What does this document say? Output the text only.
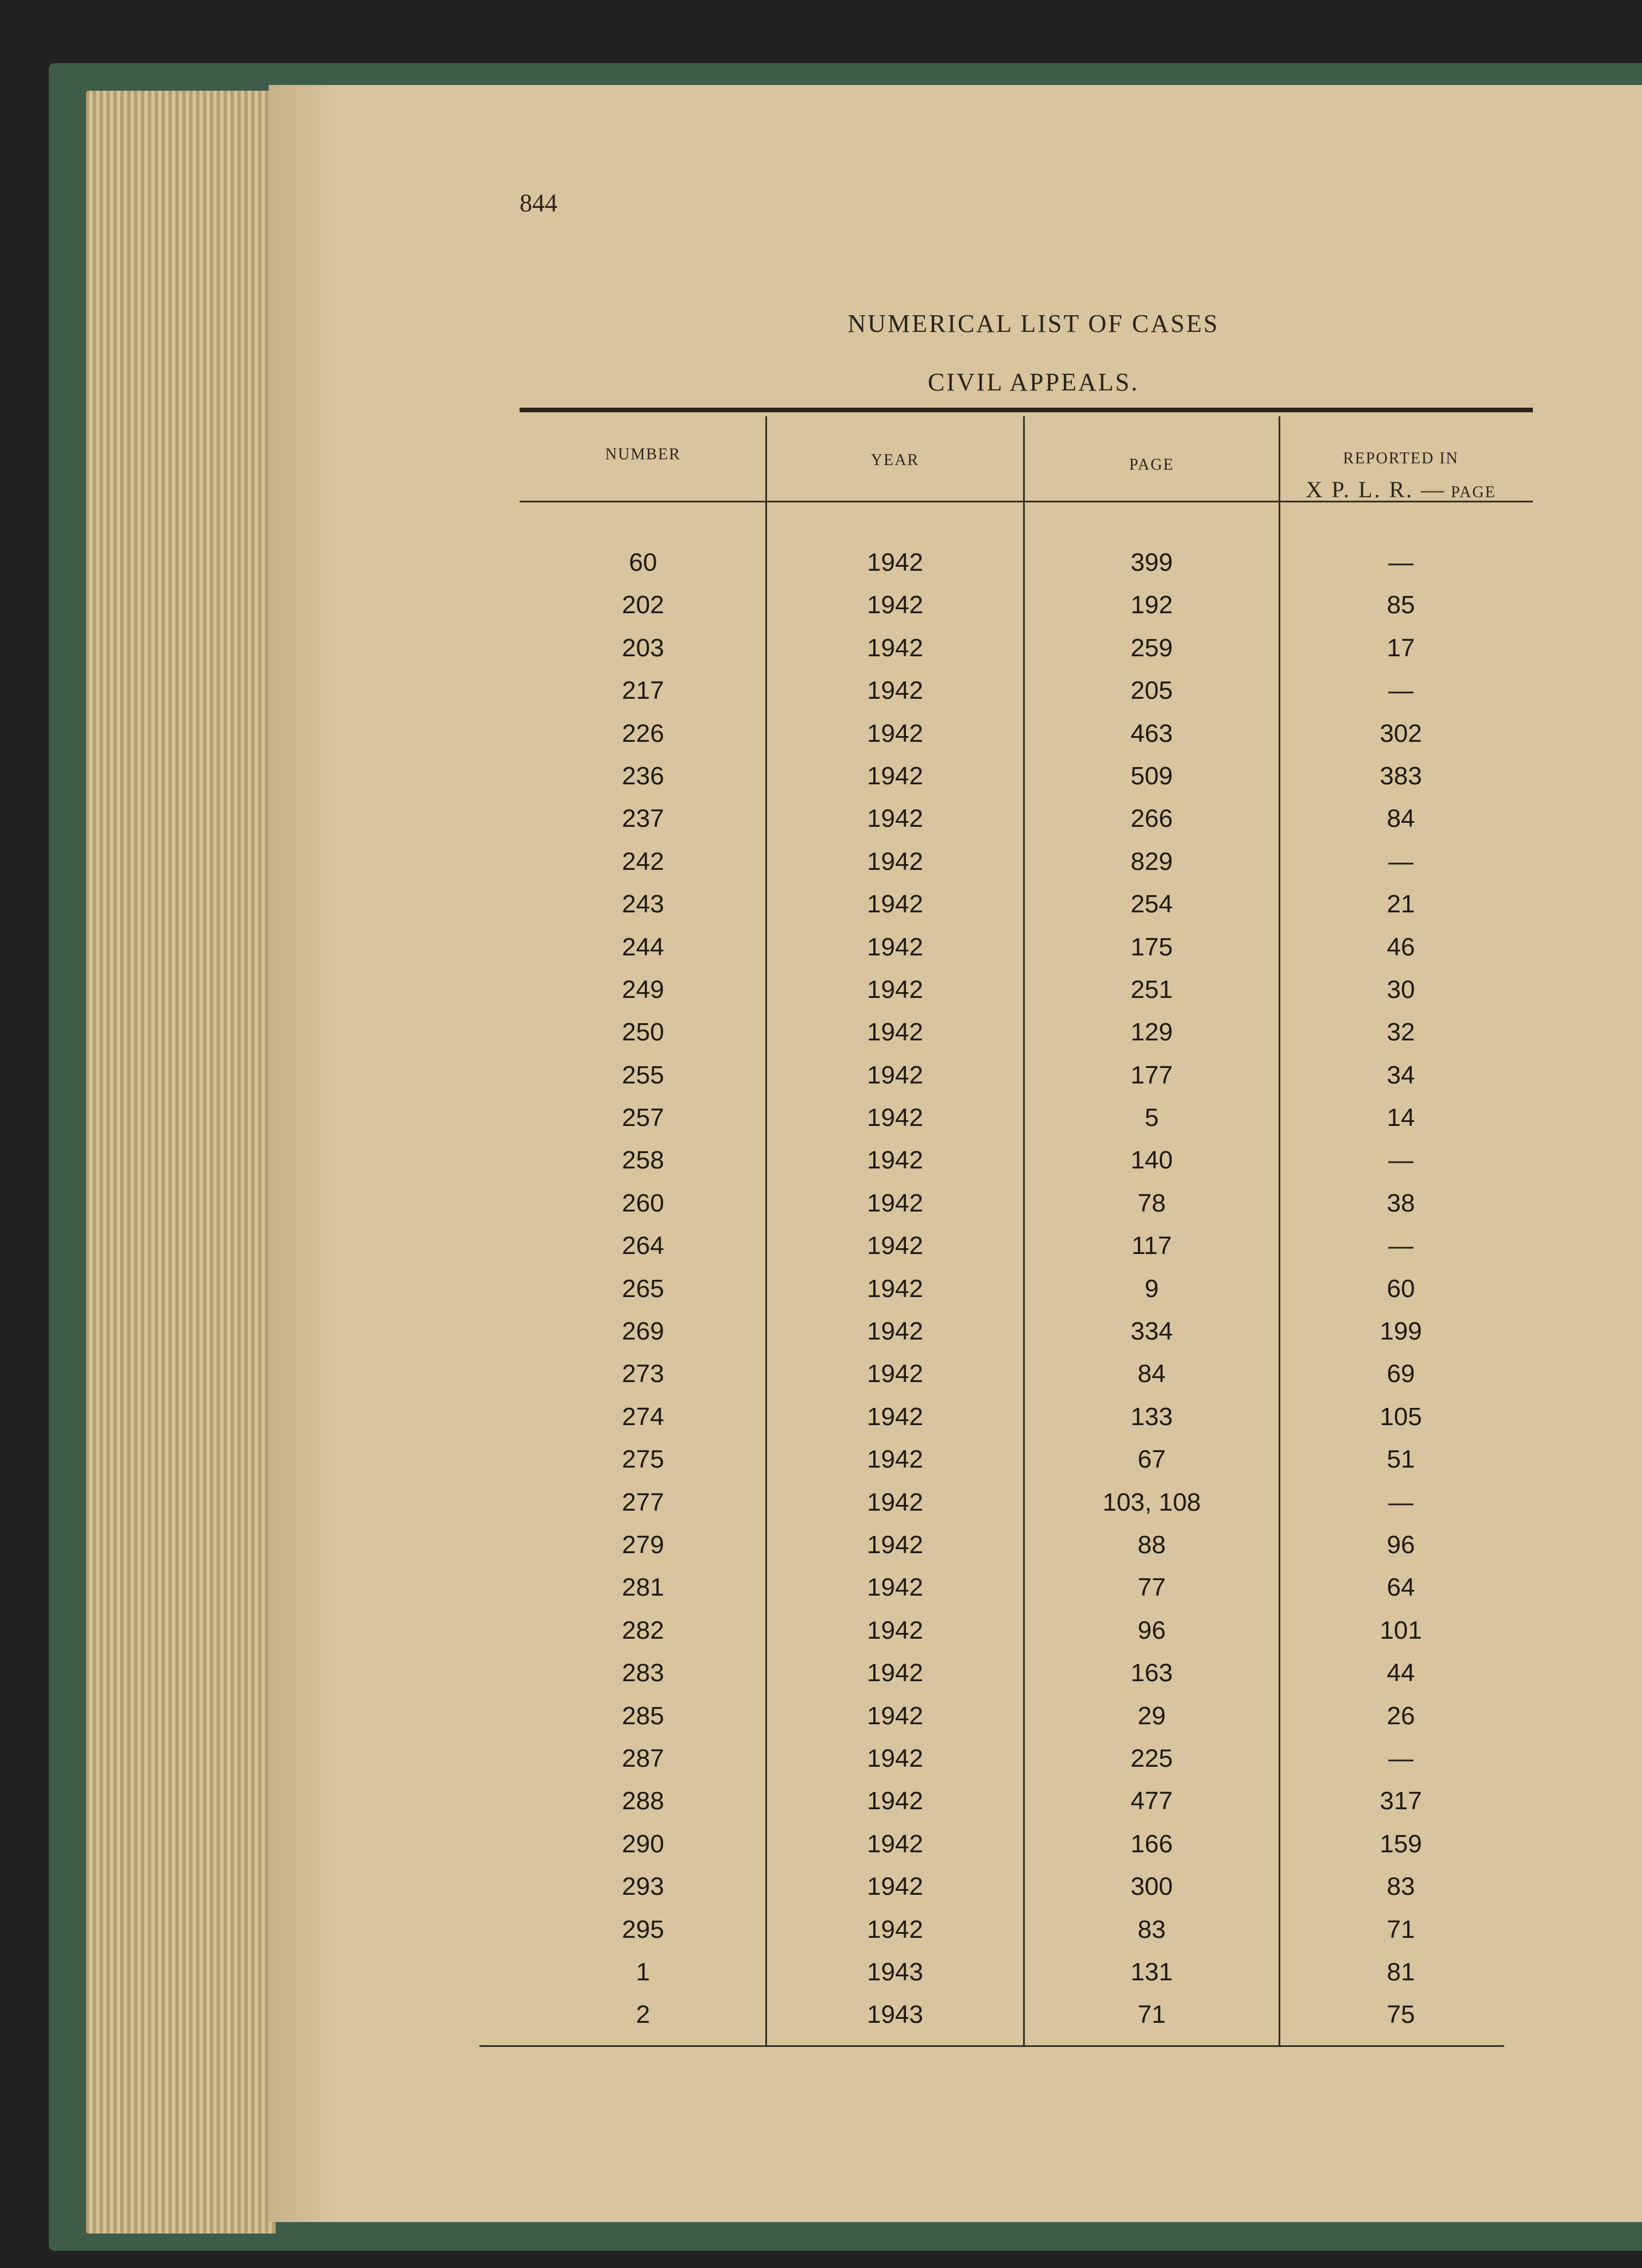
844
NUMERICAL LIST OF CASES
CIVIL APPEALS.
NUMBER	YEAR	PAGE	REPORTED IN
X P. L. R. — PAGE
60	1942	399	—
202	1942	192	85
203	1942	259	17
217	1942	205	—
226	1942	463	302
236	1942	509	383
237	1942	266	84
242	1942	829	—
243	1942	254	21
244	1942	175	46
249	1942	251	30
250	1942	129	32
255	1942	177	34
257	1942	5	14
258	1942	140	—
260	1942	78	38
264	1942	117	—
265	1942	9	60
269	1942	334	199
273	1942	84	69
274	1942	133	105
275	1942	67	51
277	1942	103, 108	—
279	1942	88	96
281	1942	77	64
282	1942	96	101
283	1942	163	44
285	1942	29	26
287	1942	225	—
288	1942	477	317
290	1942	166	159
293	1942	300	83
295	1942	83	71
1	1943	131	81
2	1943	71	75
